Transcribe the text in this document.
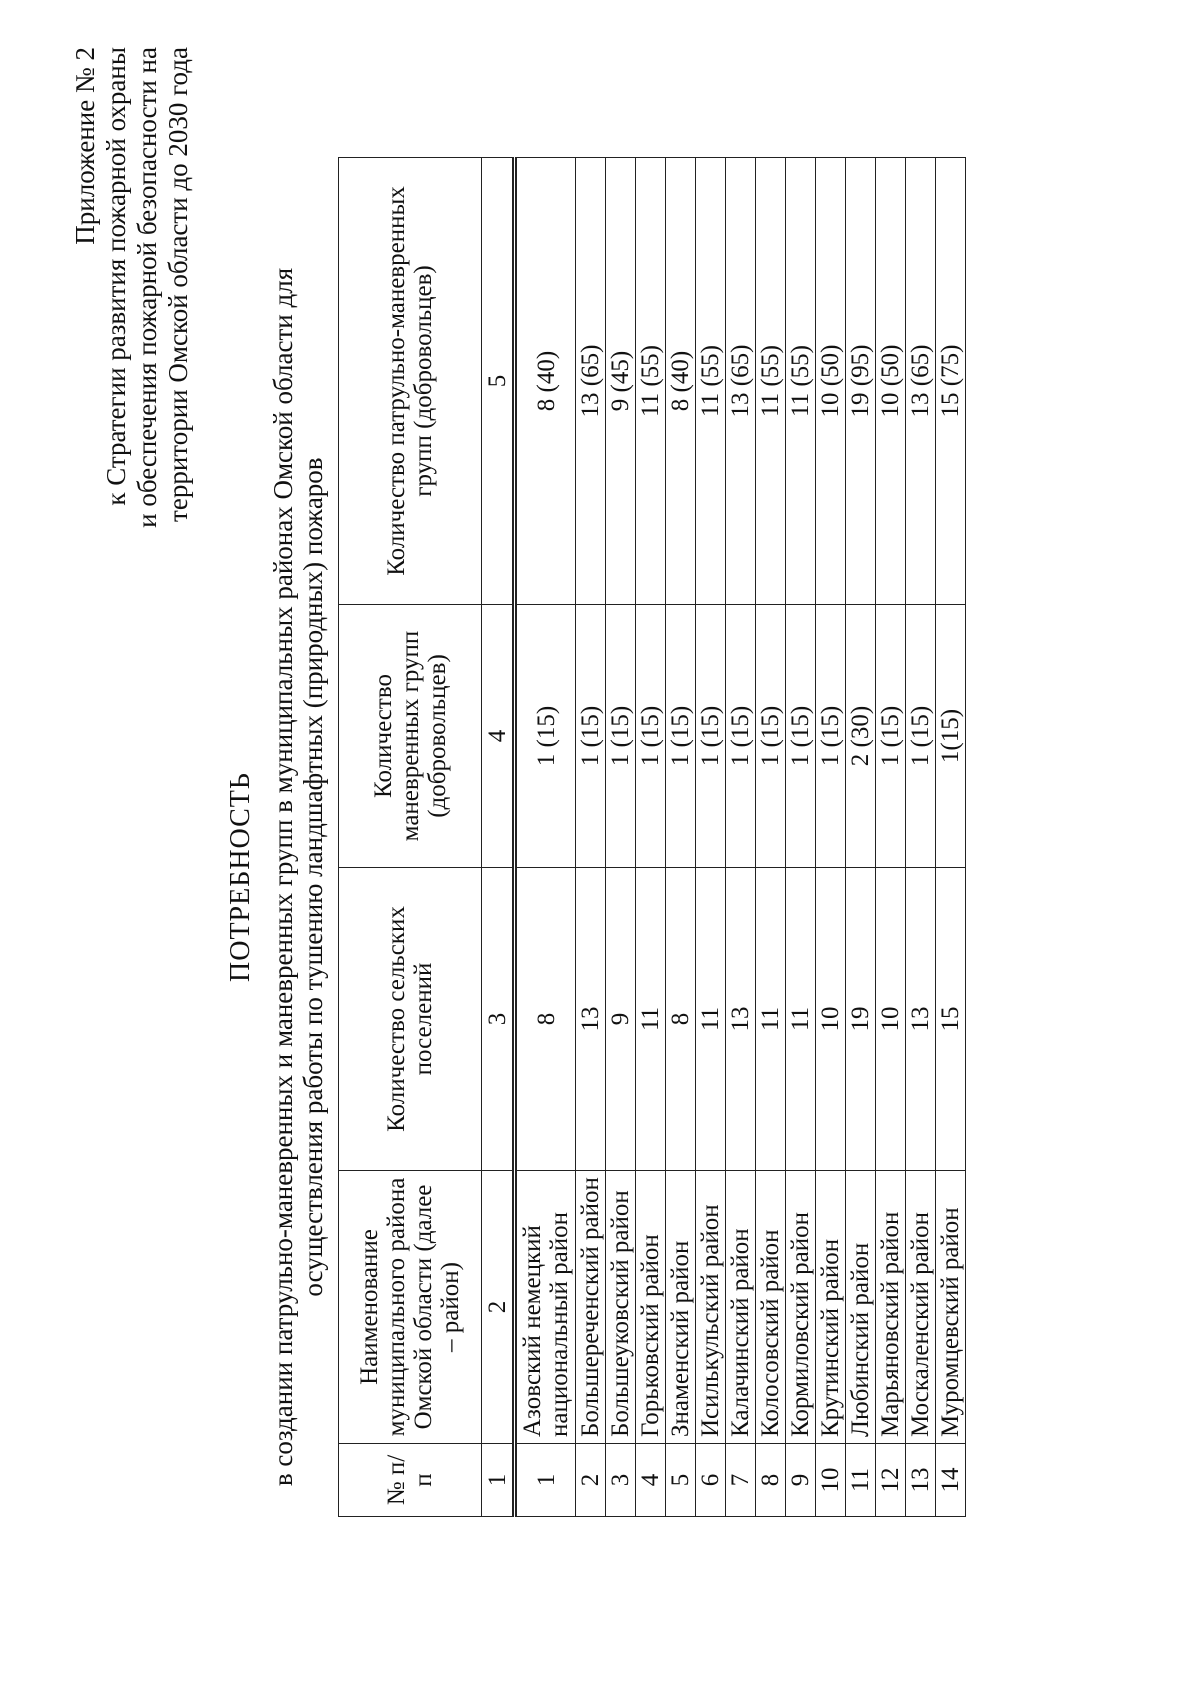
Приложение № 2 к Стратегии развития пожарной охраны и обеспечения пожарной безопасности на территории Омской области до 2030 года
ПОТРЕБНОСТЬ в создании патрульно-маневренных и маневренных групп в муниципальных районах Омской области для осуществления работы по тушению ландшафтных (природных) пожаров
№ п/п	Наименование муниципального района Омской области (далее – район)	Количество сельских поселений	Количество маневренных групп (добровольцев)	Количество патрульно-маневренных групп (добровольцев)
1	2	3	4	5
1	Азовский немецкий национальный район	8	1 (15)	8 (40)
2	Большереченский район	13	1 (15)	13 (65)
3	Большеуковский район	9	1 (15)	9 (45)
4	Горьковский район	11	1 (15)	11 (55)
5	Знаменский район	8	1 (15)	8 (40)
6	Исилькульский район	11	1 (15)	11 (55)
7	Калачинский район	13	1 (15)	13 (65)
8	Колосовский район	11	1 (15)	11 (55)
9	Кормиловский район	11	1 (15)	11 (55)
10	Крутинский район	10	1 (15)	10 (50)
11	Любинский район	19	2 (30)	19 (95)
12	Марьяновский район	10	1 (15)	10 (50)
13	Москаленский район	13	1 (15)	13 (65)
14	Муромцевский район	15	1(15)	15 (75)
